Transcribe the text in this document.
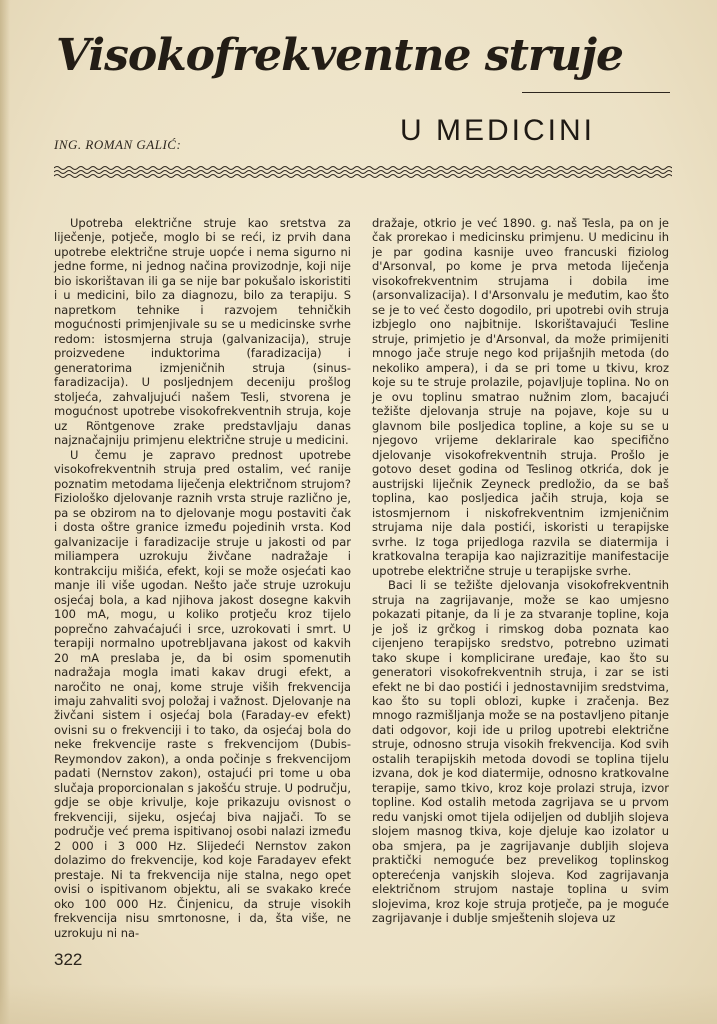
Visokofrekventne struje
ING. ROMAN GALIĆ:	U MEDICINI

Upotreba električne struje kao sretstva za liječenje, potječe, moglo bi se reći, iz prvih dana upotrebe električne struje uopće i nema sigurno ni jedne forme, ni jednog načina provizodnje, koji nije bio iskorištavan ili ga se nije bar pokušalo iskoristiti i u medicini, bilo za diagnozu, bilo za terapiju. S napretkom tehnike i razvojem tehničkih mogućnosti primjenjivale su se u medicinske svrhe redom: istosmjerna struja (galvanizacija), struje proizvedene induktorima (faradizacija) i generatorima izmjeničnih struja (sinus-faradizacija). U posljednjem deceniju prošlog stoljeća, zahvaljujući našem Tesli, stvorena je mogućnost upotrebe visokofrekventnih struja, koje uz Röntgenove zrake predstavljaju danas najznačajniju primjenu električne struje u medicini.

U čemu je zapravo prednost upotrebe visokofrekventnih struja pred ostalim, već ranije poznatim metodama liječenja električnom strujom? Fiziološko djelovanje raznih vrsta struje različno je, pa se obzirom na to djelovanje mogu postaviti čak i dosta oštre granice između pojedinih vrsta. Kod galvanizacije i faradizacije struje u jakosti od par miliampera uzrokuju živčane nadražaje i kontrakciju mišića, efekt, koji se može osjećati kao manje ili više ugodan. Nešto jače struje uzrokuju osjećaj bola, a kad njihova jakost dosegne kakvih 100 mA, mogu, u koliko protječu kroz tijelo poprečno zahvaćajući i srce, uzrokovati i smrt. U terapiji normalno upotrebljavana jakost od kakvih 20 mA preslaba je, da bi osim spomenutih nadražaja mogla imati kakav drugi efekt, a naročito ne onaj, kome struje viših frekvencija imaju zahvaliti svoj položaj i važnost. Djelovanje na živčani sistem i osjećaj bola (Faraday-ev efekt) ovisni su o frekvenciji i to tako, da osjećaj bola do neke frekvencije raste s frekvencijom (Dubis-Reymondov zakon), a onda počinje s frekvencijom padati (Nernstov zakon), ostajući pri tome u oba slučaja proporcionalan s jakošću struje. U području, gdje se obje krivulje, koje prikazuju ovisnost o frekvenciji, sijeku, osjećaj biva najjači. To se područje već prema ispitivanoj osobi nalazi između 2 000 i 3 000 Hz. Slijedeći Nernstov zakon dolazimo do frekvencije, kod koje Faradayev efekt prestaje. Ni ta frekvencija nije stalna, nego opet ovisi o ispitivanom objektu, ali se svakako kreće oko 100 000 Hz. Činjenicu, da struje visokih frekvencija nisu smrtonosne, i da, šta više, ne uzrokuju ni na-

dražaje, otkrio je već 1890. g. naš Tesla, pa on je čak prorekao i medicinsku primjenu. U medicinu ih je par godina kasnije uveo francuski fiziolog d'Arsonval, po kome je prva metoda liječenja visokofrekventnim strujama i dobila ime (arsonvalizacija). I d'Arsonvalu je međutim, kao što se je to već često dogodilo, pri upotrebi ovih struja izbjeglo ono najbitnije. Iskorištavajući Tesline struje, primjetio je d'Arsonval, da može primijeniti mnogo jače struje nego kod prijašnjih metoda (do nekoliko ampera), i da se pri tome u tkivu, kroz koje su te struje prolazile, pojavljuje toplina. No on je ovu toplinu smatrao nužnim zlom, bacajući težište djelovanja struje na pojave, koje su u glavnom bile posljedica topline, a koje su se u njegovo vrijeme deklarirale kao specifično djelovanje visokofrekventnih struja. Prošlo je gotovo deset godina od Teslinog otkrića, dok je austrijski liječnik Zeyneck predložio, da se baš toplina, kao posljedica jačih struja, koja se istosmjernom i niskofrekventnim izmjeničnim strujama nije dala postići, iskoristi u terapijske svrhe. Iz toga prijedloga razvila se diatermija i kratkovalna terapija kao najizrazitije manifestacije upotrebe električne struje u terapijske svrhe.

Baci li se težište djelovanja visokofrekventnih struja na zagrijavanje, može se kao umjesno pokazati pitanje, da li je za stvaranje topline, koja je još iz grčkog i rimskog doba poznata kao cijenjeno terapijsko sredstvo, potrebno uzimati tako skupe i komplicirane uređaje, kao što su generatori visokofrekventnih struja, i zar se isti efekt ne bi dao postići i jednostavnijim sredstvima, kao što su topli oblozi, kupke i zračenja. Bez mnogo razmišljanja može se na postavljeno pitanje dati odgovor, koji ide u prilog upotrebi električne struje, odnosno struja visokih frekvencija. Kod svih ostalih terapijskih metoda dovodi se toplina tijelu izvana, dok je kod diatermije, odnosno kratkovalne terapije, samo tkivo, kroz koje prolazi struja, izvor topline. Kod ostalih metoda zagrijava se u prvom redu vanjski omot tijela odijeljen od dubljih slojeva slojem masnog tkiva, koje djeluje kao izolator u oba smjera, pa je zagrijavanje dubljih slojeva praktički nemoguće bez prevelikog toplinskog opterećenja vanjskih slojeva. Kod zagrijavanja električnom strujom nastaje toplina u svim slojevima, kroz koje struja protječe, pa je moguće zagrijavanje i dublje smještenih slojeva uz

322
